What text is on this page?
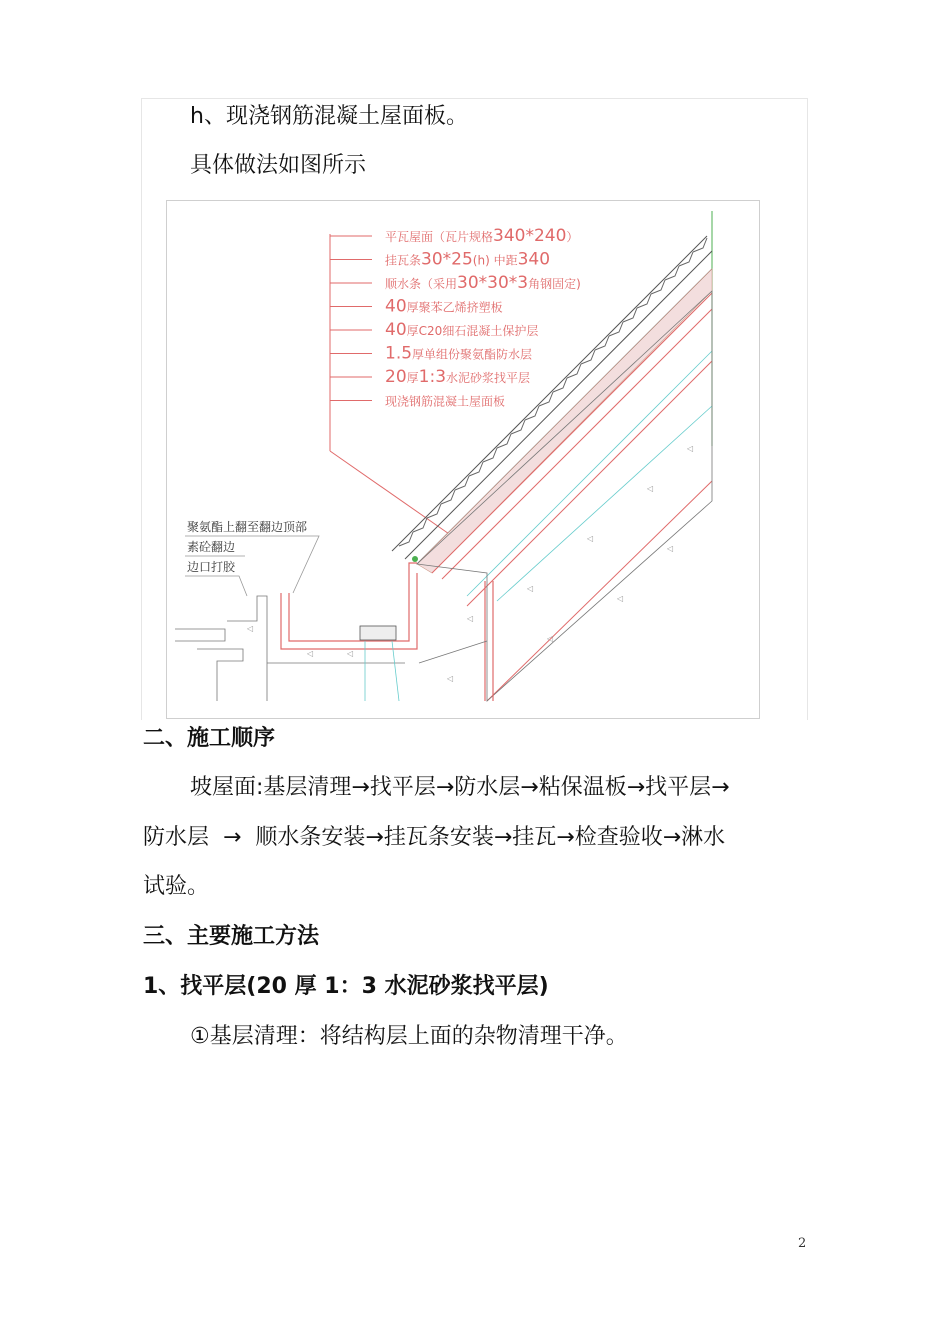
h、现浇钢筋混凝土屋面板。
具体做法如图所示
◁
◁
◁
◁
◁
◁
◁
◁
◁
◁	◁
◁
平瓦屋面（瓦片规格340*240）
挂瓦条30*25(h) 中距340
顺水条（采用30*30*3角钢固定)
40厚聚苯乙烯挤塑板
40厚C20细石混凝土保护层
1.5厚单组份聚氨酯防水层
20厚1:3水泥砂浆找平层
现浇钢筋混凝土屋面板
聚氨酯上翻至翻边顶部
素砼翻边
边口打胶
二、施工顺序
坡屋面:基层清理→找平层→防水层→粘保温板→找平层→
防水层  →  顺水条安装→挂瓦条安装→挂瓦→检查验收→淋水
试验。
三、主要施工方法
1、找平层(20 厚 1：3 水泥砂浆找平层)
①基层清理：将结构层上面的杂物清理干净。
2
